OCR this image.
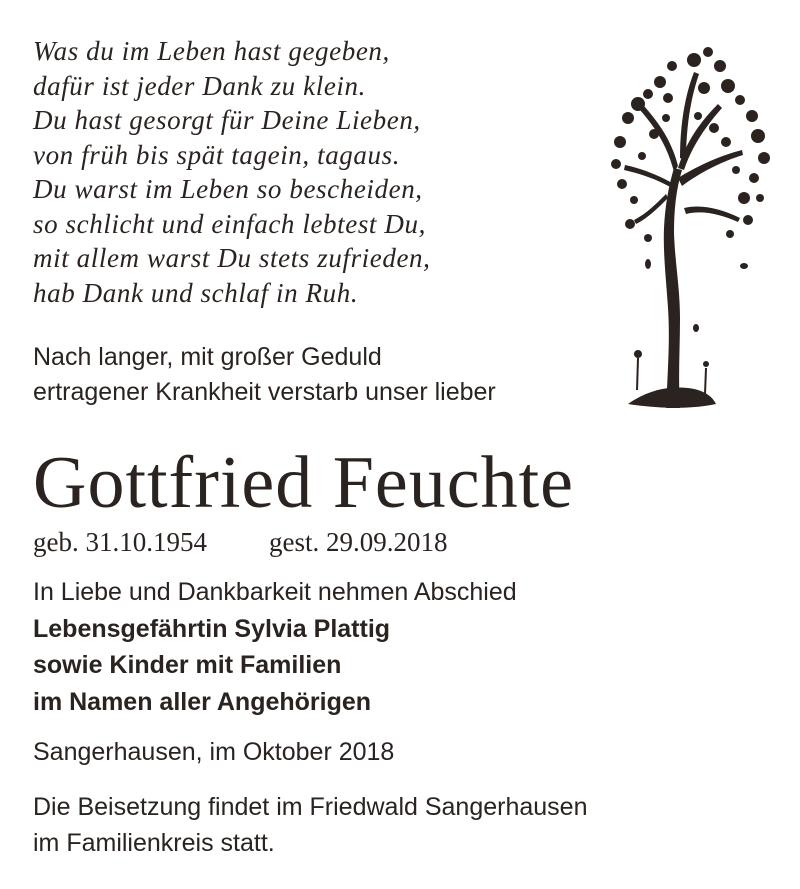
Was du im Leben hast gegeben,
dafür ist jeder Dank zu klein.
Du hast gesorgt für Deine Lieben,
von früh bis spät tagein, tagaus.
Du warst im Leben so bescheiden,
so schlicht und einfach lebtest Du,
mit allem warst Du stets zufrieden,
hab Dank und schlaf in Ruh.
Nach langer, mit großer Geduld
ertragener Krankheit verstarb unser lieber
Gottfried Feuchte
geb. 31.10.1954 gest. 29.09.2018
In Liebe und Dankbarkeit nehmen Abschied
Lebensgefährtin Sylvia Plattig
sowie Kinder mit Familien
im Namen aller Angehörigen
Sangerhausen, im Oktober 2018
Die Beisetzung findet im Friedwald Sangerhausen
im Familienkreis statt.
